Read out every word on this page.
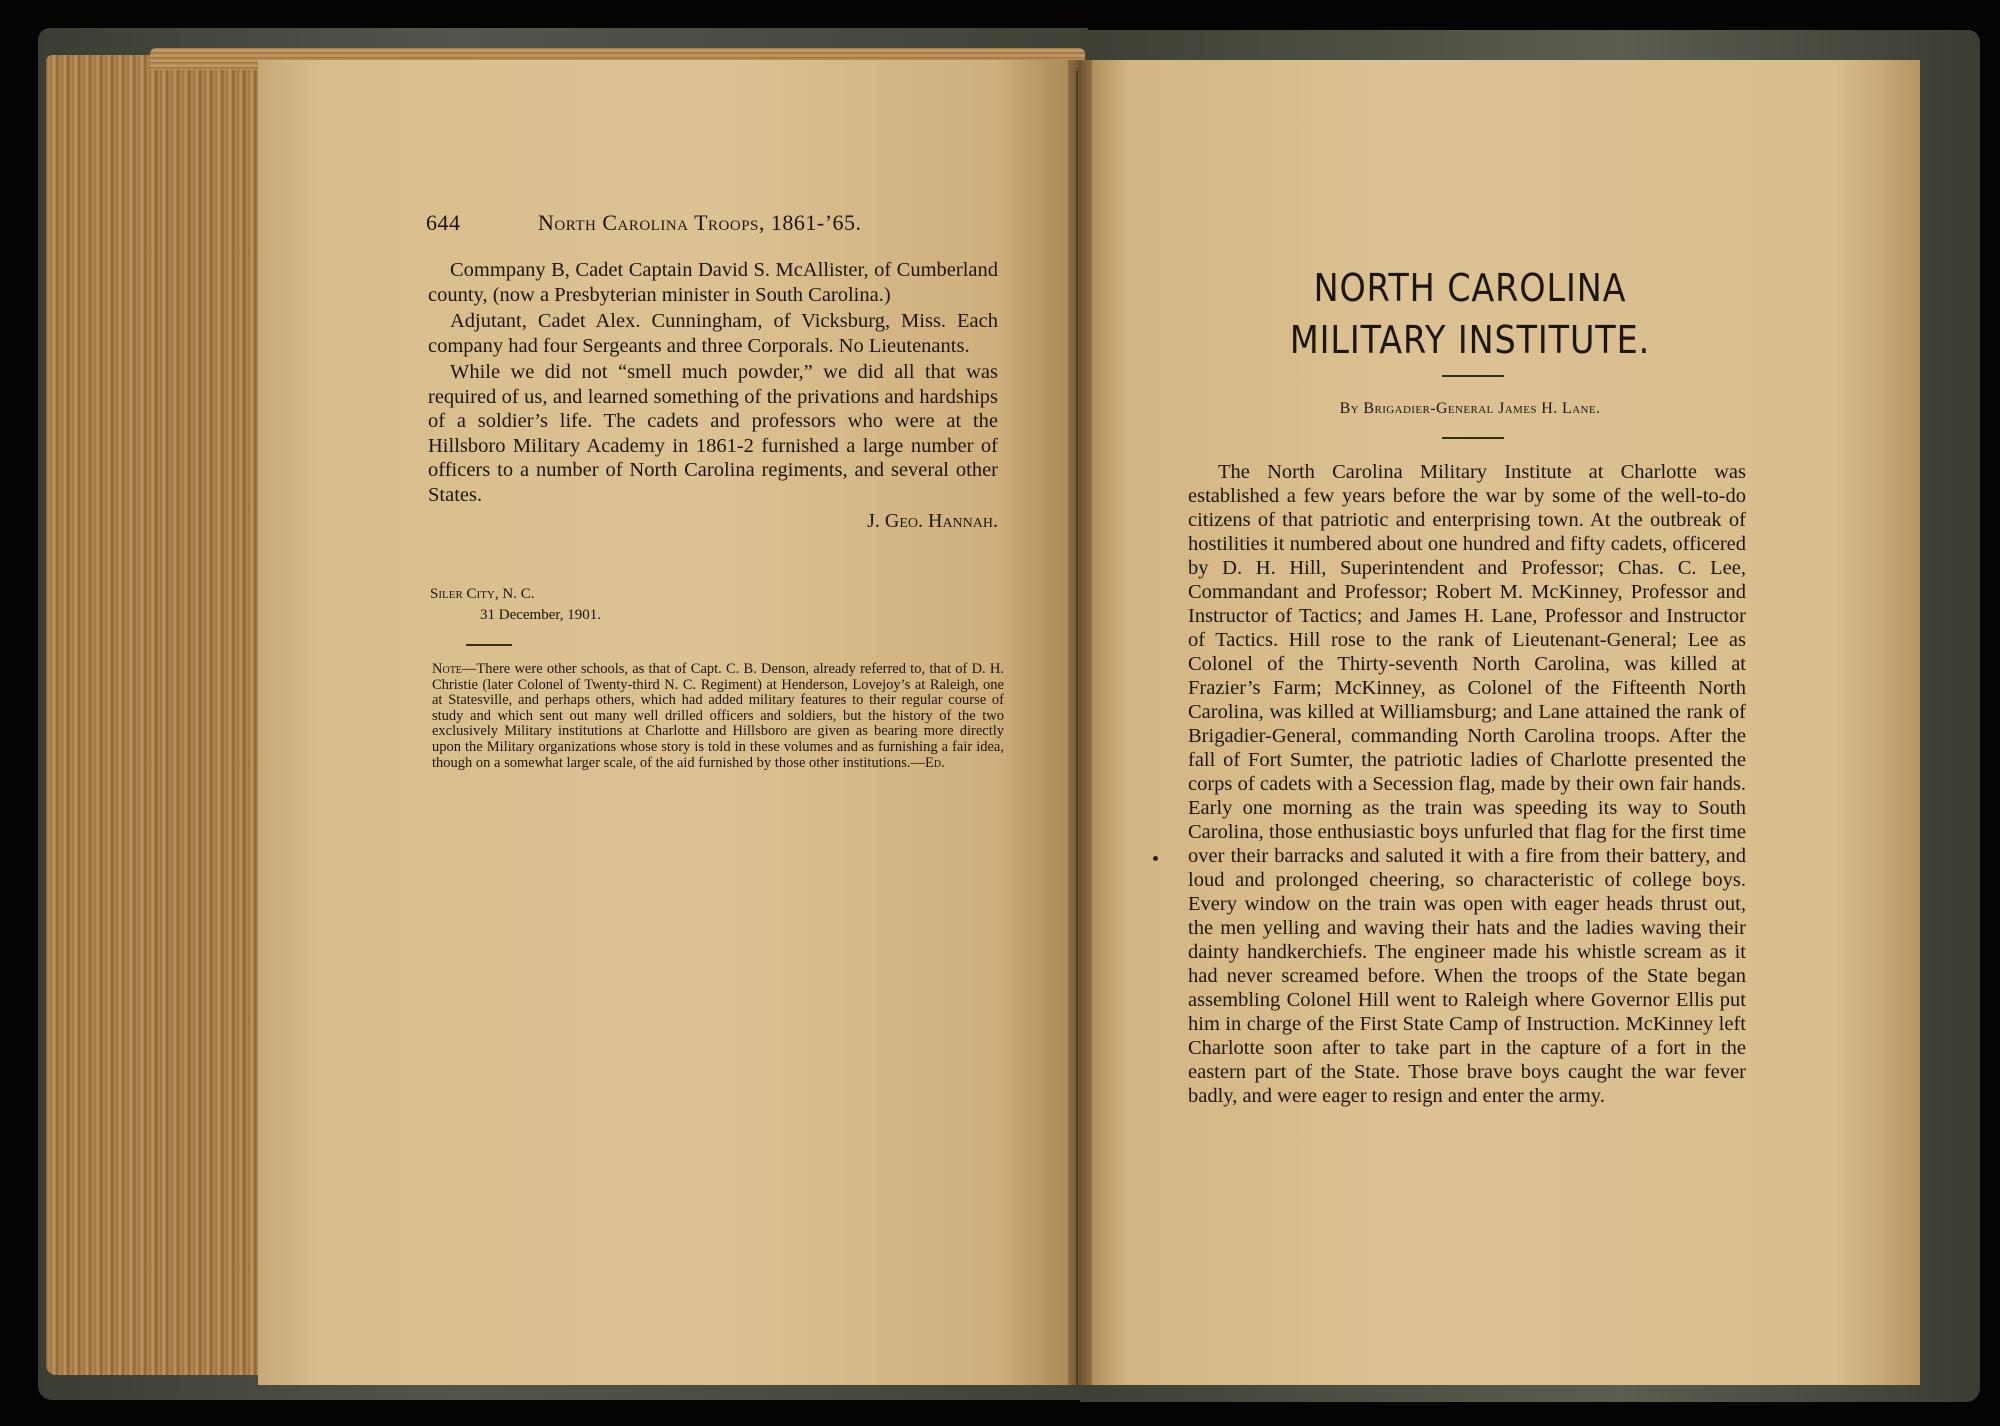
644	North Carolina Troops, 1861-’65.

Commpany B, Cadet Captain David S. McAllister, of Cumberland county, (now a Presbyterian minister in South Carolina.)

Adjutant, Cadet Alex. Cunningham, of Vicksburg, Miss. Each company had four Sergeants and three Corporals. No Lieutenants.

While we did not “smell much powder,” we did all that was required of us, and learned something of the privations and hardships of a soldier’s life. The cadets and professors who were at the Hillsboro Military Academy in 1861-2 furnished a large number of officers to a number of North Carolina regiments, and several other States.

J. Geo. Hannah.
Siler City, N. C.
31 December, 1901.
Note—There were other schools, as that of Capt. C. B. Denson, already referred to, that of D. H. Christie (later Colonel of Twenty-third N. C. Regiment) at Henderson, Lovejoy’s at Raleigh, one at Statesville, and perhaps others, which had added military features to their regular course of study and which sent out many well drilled officers and soldiers, but the history of the two exclusively Military institutions at Charlotte and Hillsboro are given as bearing more directly upon the Military organizations whose story is told in these volumes and as furnishing a fair idea, though on a somewhat larger scale, of the aid furnished by those other institutions.—Ed.
NORTH CAROLINA MILITARY INSTITUTE.
By Brigadier-General James H. Lane.

The North Carolina Military Institute at Charlotte was established a few years before the war by some of the well-to-do citizens of that patriotic and enterprising town. At the outbreak of hostilities it numbered about one hundred and fifty cadets, officered by D. H. Hill, Superintendent and Professor; Chas. C. Lee, Commandant and Professor; Robert M. McKinney, Professor and Instructor of Tactics; and James H. Lane, Professor and Instructor of Tactics. Hill rose to the rank of Lieutenant-General; Lee as Colonel of the Thirty-seventh North Carolina, was killed at Frazier’s Farm; McKinney, as Colonel of the Fifteenth North Carolina, was killed at Williamsburg; and Lane attained the rank of Brigadier-General, commanding North Carolina troops. After the fall of Fort Sumter, the patriotic ladies of Charlotte presented the corps of cadets with a Secession flag, made by their own fair hands. Early one morning as the train was speeding its way to South Carolina, those enthusiastic boys unfurled that flag for the first time over their barracks and saluted it with a fire from their battery, and loud and prolonged cheering, so characteristic of college boys. Every window on the train was open with eager heads thrust out, the men yelling and waving their hats and the ladies waving their dainty handkerchiefs. The engineer made his whistle scream as it had never screamed before. When the troops of the State began assembling Colonel Hill went to Raleigh where Governor Ellis put him in charge of the First State Camp of Instruction. McKinney left Charlotte soon after to take part in the capture of a fort in the eastern part of the State. Those brave boys caught the war fever badly, and were eager to resign and enter the army.
